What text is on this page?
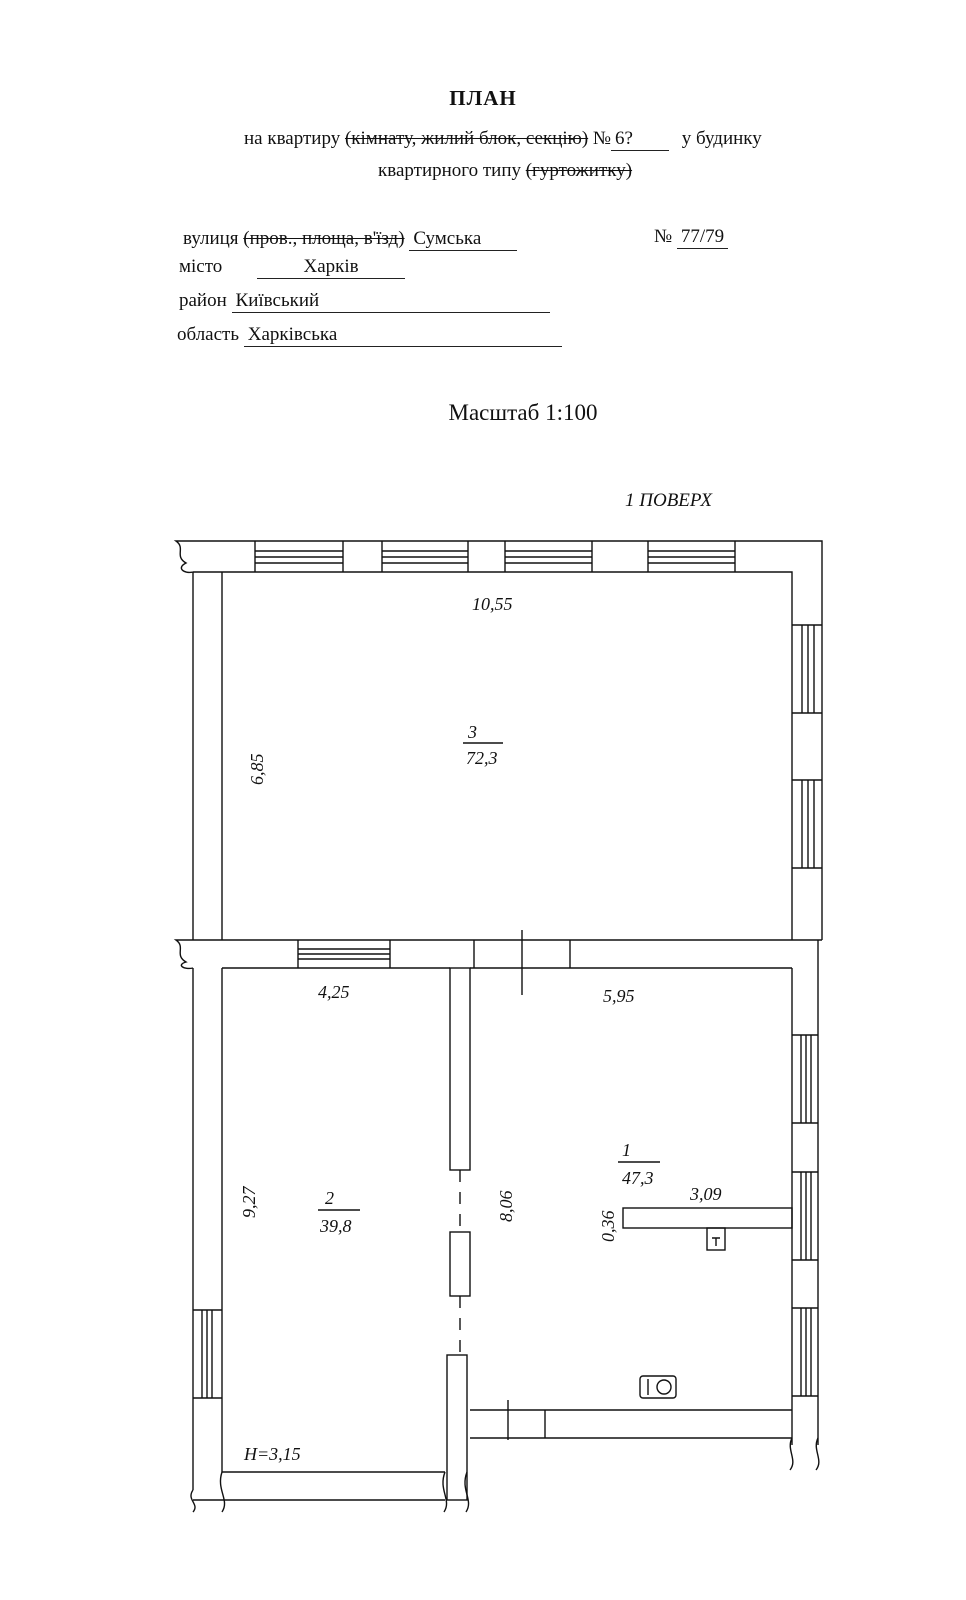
ПЛАН
на квартиру (кімнату, жилий блок, секцію) № 6?	у будинку
квартирного типу (гуртожитку)
вулиця (пров., площа, в'їзд) Сумська	№ 77/79
місто	Харків
район Київський
область Харківська
Масштаб 1:100
1 ПОВЕРХ
10,55
6,85
3
72,3
4,25
9,27	2
39,8
5,95
8,06
1
47,3
3,09
0,36
H=3,15
